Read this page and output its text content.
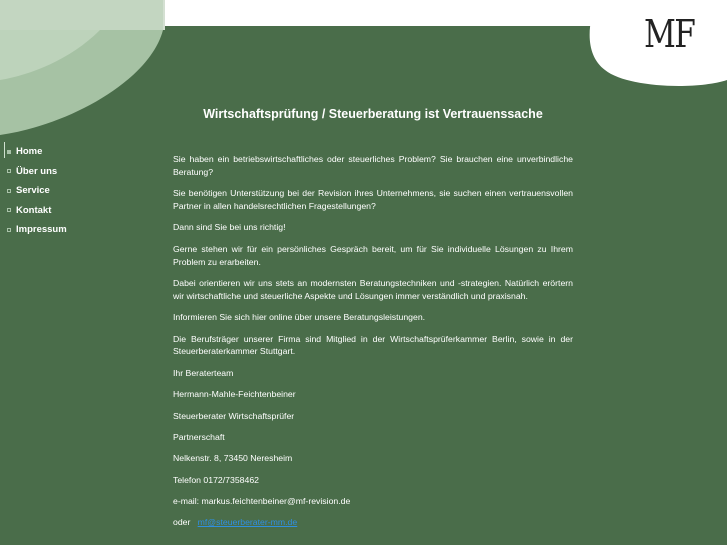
MF
Home
Über uns
Service
Kontakt
Impressum
Wirtschaftsprüfung / Steuerberatung ist Vertrauenssache

Sie haben ein betriebswirtschaftliches oder steuerliches Problem? Sie brauchen eine unverbindliche Beratung?

Sie benötigen Unterstützung bei der Revision ihres Unternehmens, sie suchen einen vertrauensvollen Partner in allen handelsrechtlichen Fragestellungen?

Dann sind Sie bei uns richtig!

Gerne stehen wir für ein persönliches Gespräch bereit, um für Sie individuelle Lösungen zu Ihrem Problem zu erarbeiten.

Dabei orientieren wir uns stets an modernsten Beratungstechniken und -strategien. Natürlich erörtern wir wirtschaftliche und steuerliche Aspekte und Lösungen immer verständlich und praxisnah.

Informieren Sie sich hier online über unsere Beratungsleistungen.

Die Berufsträger unserer Firma sind Mitglied in der Wirtschaftsprüferkammer Berlin, sowie in der Steuerberaterkammer Stuttgart.

Ihr Beraterteam

Hermann-Mahle-Feichtenbeiner

Steuerberater Wirtschaftsprüfer

Partnerschaft

Nelkenstr. 8, 73450 Neresheim

Telefon 0172/7358462

e-mail: markus.feichtenbeiner@mf-revision.de

oder mf@steuerberater-mm.de
